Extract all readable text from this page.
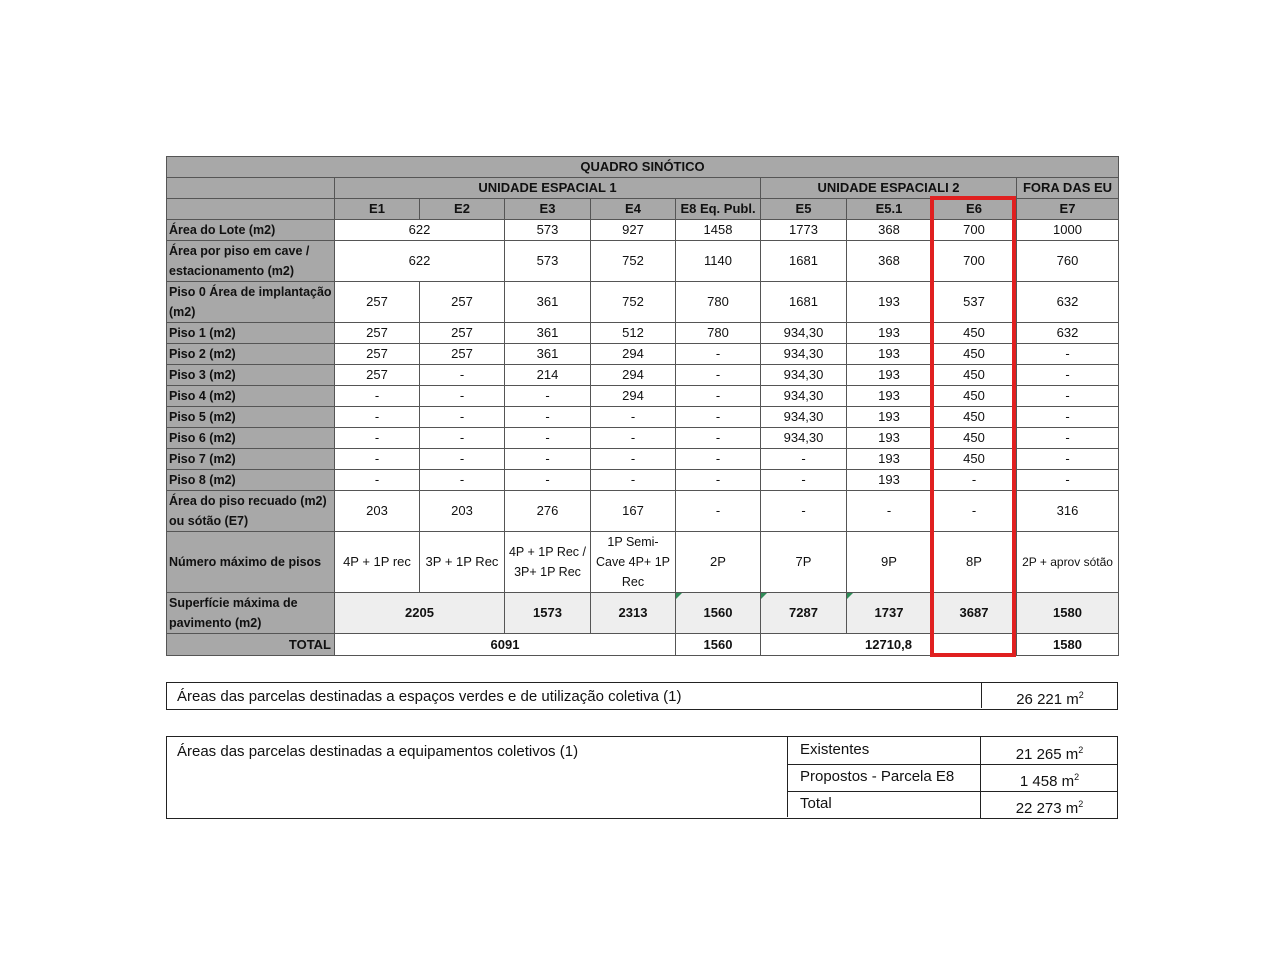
QUADRO SINÓTICO									
	UNIDADE ESPACIAL 1					UNIDADE ESPACIALI 2			FORA DAS EU
	E1	E2	E3	E4	E8 Eq. Publ.	E5	E5.1	E6	E7
Área do Lote (m2)	622		573	927	1458	1773	368	700	1000
Área por piso em cave / estacionamento (m2)	622		573	752	1140	1681	368	700	760
Piso 0 Área de implantação (m2)	257	257	361	752	780	1681	193	537	632
Piso 1 (m2)	257	257	361	512	780	934,30	193	450	632
Piso 2 (m2)	257	257	361	294	-	934,30	193	450	-
Piso 3 (m2)	257	-	214	294	-	934,30	193	450	-
Piso 4 (m2)	-	-	-	294	-	934,30	193	450	-
Piso 5 (m2)	-	-	-	-	-	934,30	193	450	-
Piso 6 (m2)	-	-	-	-	-	934,30	193	450	-
Piso 7 (m2)	-	-	-	-	-	-	193	450	-
Piso 8 (m2)	-	-	-	-	-	-	193	-	-
Área do piso recuado (m2) ou sótão (E7)	203	203	276	167	-	-	-	-	316
Número máximo de pisos	4P + 1P rec	3P + 1P Rec	4P + 1P Rec / 3P+ 1P Rec	1P Semi-Cave 4P+ 1P Rec	2P	7P	9P	8P	2P + aprov sótão
Superfície máxima de pavimento (m2)	2205		1573	2313	1560	7287	1737	3687	1580
TOTAL	6091				1560	12710,8			1580
Áreas das parcelas destinadas a espaços verdes e de utilização coletiva (1)	26 221 $m^2$
Áreas das parcelas destinadas a equipamentos coletivos (1)	Existentes	21 265 $m^2$
Propostos - Parcela E8	1 458 $m^2$
Total	22 273 $m^2$
